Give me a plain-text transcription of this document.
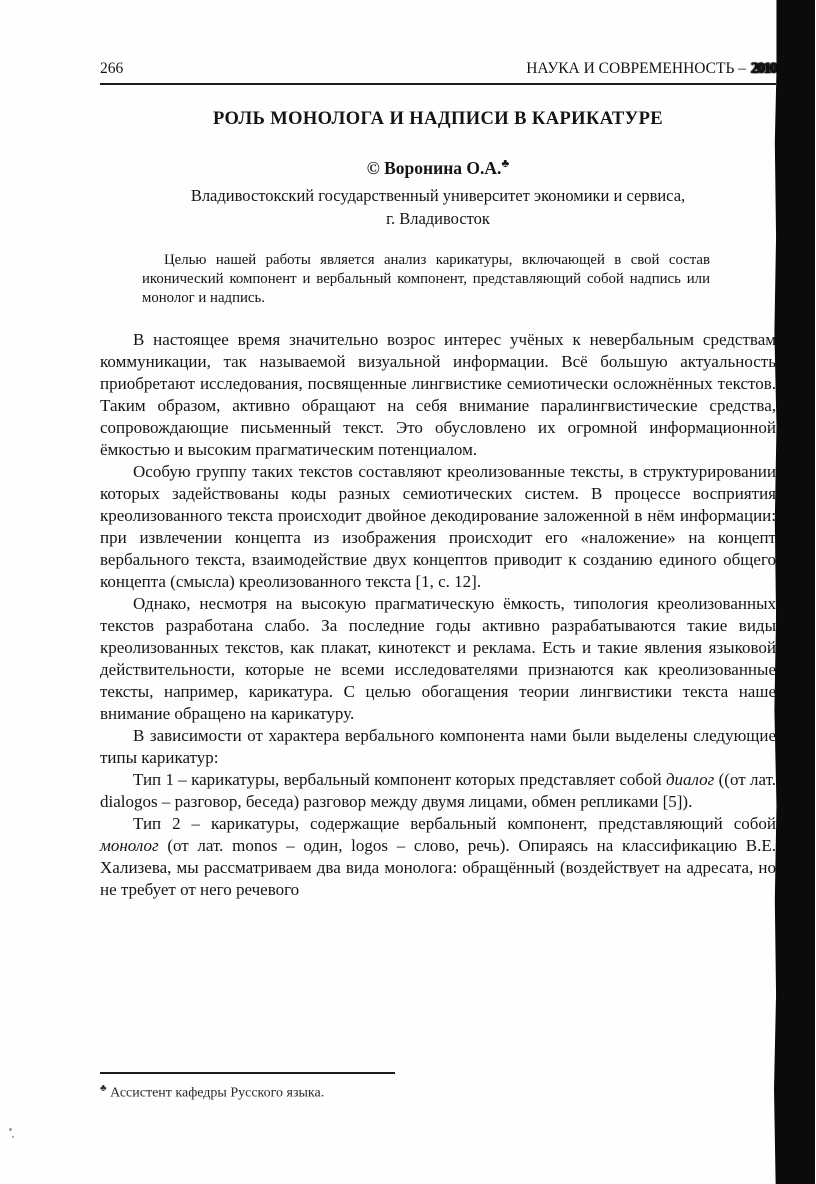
266	НАУКА И СОВРЕМЕННОСТЬ – 2010
РОЛЬ МОНОЛОГА И НАДПИСИ В КАРИКАТУРЕ
© Воронина О.А.♣
Владивостокский государственный университет экономики и сервиса,
г. Владивосток
Целью нашей работы является анализ карикатуры, включающей в свой состав иконический компонент и вербальный компонент, представляющий собой надпись или монолог и надпись.

В настоящее время значительно возрос интерес учёных к невербальным средствам коммуникации, так называемой визуальной информации. Всё большую актуальность приобретают исследования, посвященные лингвистике семиотически осложнённых текстов. Таким образом, активно обращают на себя внимание паралингвистические средства, сопровождающие письменный текст. Это обусловлено их огромной информационной ёмкостью и высоким прагматическим потенциалом.

Особую группу таких текстов составляют креолизованные тексты, в структурировании которых задействованы коды разных семиотических систем. В процессе восприятия креолизованного текста происходит двойное декодирование заложенной в нём информации: при извлечении концепта из изображения происходит его «наложение» на концепт вербального текста, взаимодействие двух концептов приводит к созданию единого общего концепта (смысла) креолизованного текста [1, с. 12].

Однако, несмотря на высокую прагматическую ёмкость, типология креолизованных текстов разработана слабо. За последние годы активно разрабатываются такие виды креолизованных текстов, как плакат, кинотекст и реклама. Есть и такие явления языковой действительности, которые не всеми исследователями признаются как креолизованные тексты, например, карикатура. С целью обогащения теории лингвистики текста наше внимание обращено на карикатуру.

В зависимости от характера вербального компонента нами были выделены следующие типы карикатур:

Тип 1 – карикатуры, вербальный компонент которых представляет собой диалог ((от лат. dialogos – разговор, беседа) разговор между двумя лицами, обмен репликами [5]).

Тип 2 – карикатуры, содержащие вербальный компонент, представляющий собой монолог (от лат. monos – один, logos – слово, речь). Опираясь на классификацию В.Е. Хализева, мы рассматриваем два вида монолога: обращённый (воздействует на адресата, но не требует от него речевого

♣ Ассистент кафедры Русского языка.
